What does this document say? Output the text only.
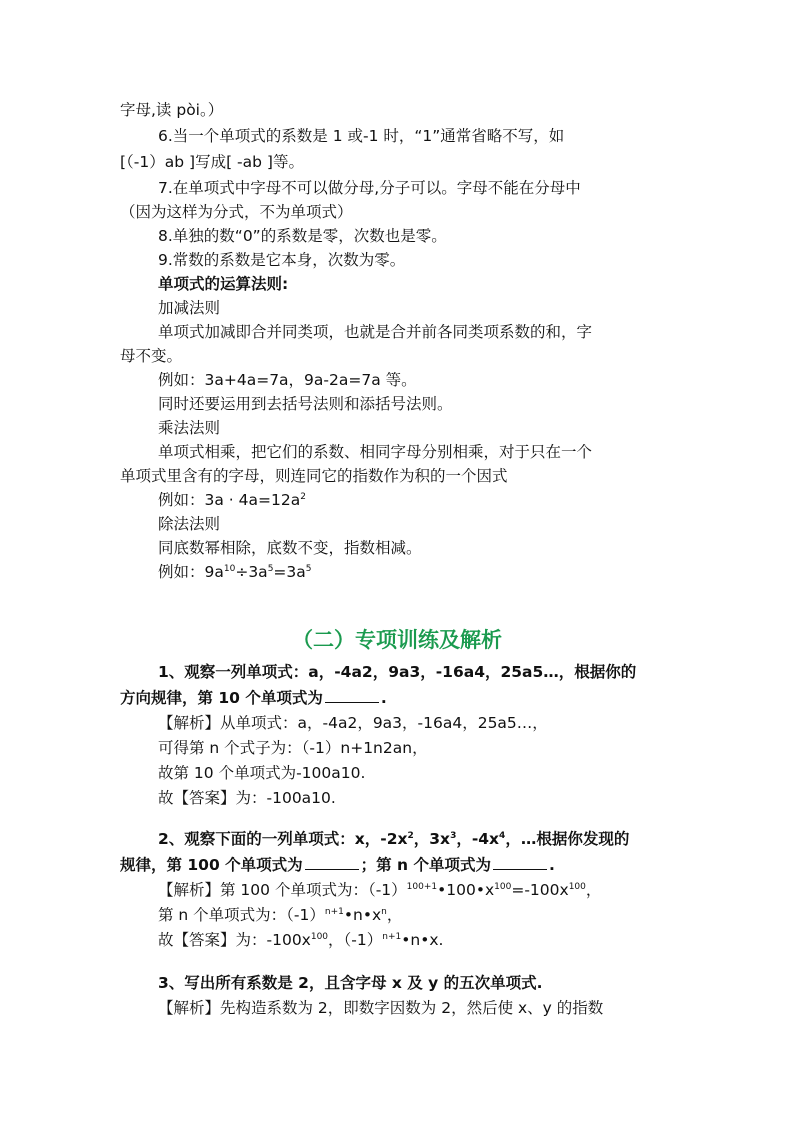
字母,读 pòi。）
6.当一个单项式的系数是 1 或-1 时，“1”通常省略不写，如
[（-1）ab ]写成[ -ab ]等。
7.在单项式中字母不可以做分母,分子可以。字母不能在分母中
（因为这样为分式，不为单项式）
8.单独的数“0”的系数是零，次数也是零。
9.常数的系数是它本身，次数为零。
单项式的运算法则:
加减法则
单项式加减即合并同类项，也就是合并前各同类项系数的和，字
母不变。
例如：3a+4a=7a，9a-2a=7a 等。
同时还要运用到去括号法则和添括号法则。
乘法法则
单项式相乘，把它们的系数、相同字母分别相乘，对于只在一个
单项式里含有的字母，则连同它的指数作为积的一个因式
例如：$3a \cdot 4a=12a^2$
除法法则
同底数幂相除，底数不变，指数相减。
例如：$9a^{10}\div 3a^5=3a^5$
（二）专项训练及解析
1、观察一列单项式：a，-4a2，9a3，-16a4，25a5…，根据你的
方向规律，第 10 个单项式为	.
【解析】从单项式：a，-4a2，9a3，-16a4，25a5…，
可得第 n 个式子为：（-1）n+1n2an，
故第 10 个单项式为-100a10.
故【答案】为：-100a10.
2、观察下面的一列单项式：x，$-2x^2$，$3x^3$，$-4x^4$，…根据你发现的
规律，第 100 个单项式为	；第 n 个单项式为	.
【解析】第 100 个单项式为：$(-1)^{100+1}•100•x^{100}=-100x^{100}$，
第 n 个单项式为：$(-1)^{n+1}•n•x^n$，
故【答案】为：$-100x^{100}$，$(-1)^{n+1}•n•x$.
3、写出所有系数是 2，且含字母 x 及 y 的五次单项式.
【解析】先构造系数为 2，即数字因数为 2，然后使 x、y 的指数
